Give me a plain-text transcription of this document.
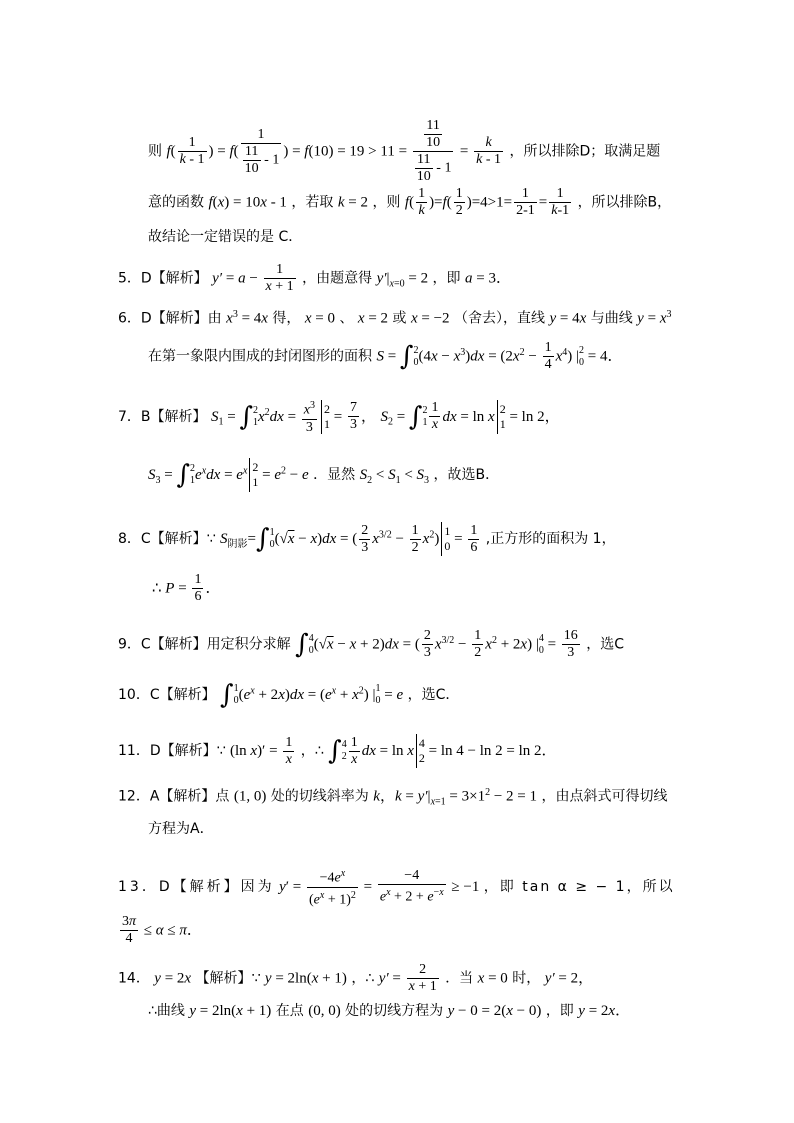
则 $f( \frac{1}{k - 1}$ ) = $f( \frac{1}{\frac{11}{10} - 1}$ ) = $f(10) = 19 > 11 = \frac{\frac{11}{10}}{\frac{11}{10} - 1} = \frac{k}{k - 1}$ ，所以排除D；取满足题
意的函数 f(x) = 10x - 1 ，若取 k = 2 ，则 $f( \frac{1}{k} )=f( \frac{1}{2} )=4>1= \frac{1}{2-1} = \frac{1}{k-1}$ ，所以排除B，
故结论一定错误的是 C．
5．D【解析】 $y' = a - \frac{1}{x + 1}$ ，由题意得 $y'|_{x=0} = 2$ ，即 a = 3．
6．D【解析】由 $x^3 = 4x$ 得， x = 0 、 x = 2 或 x = −2 （舍去），直线 y = 4x 与曲线 $y = x^3$
在第一象限内围成的封闭图形的面积 S = ∫ 2
0 $(4x - x^3)dx = (2x^2 - \frac{1}{4} x^4)$ | 2
0 = 4．
7．B【解析】 $S_1$ = ∫ 2
1 $x^2dx = \frac{x^3}{3} 2$
$1 = \frac{7}{3}$ ， $S_2$ = ∫ 2
$1 \frac{1}{x}$ dx = ln x 2
1 = ln 2，
$S_3$ = ∫ 2
1 $e^xdx = e^x$ 2
$1 = e^2 - e$ ．显然 $S_2 < S_1 < S_3$ ，故选B．
8．C【解析】∵ $S_{阴影}=\int$ 1
0 (√x − x)dx = ( $\frac{2}{3} x^{3/2} - \frac{1}{2} x^2$) 1
$0 = \frac{1}{6}$ ,正方形的面积为 1，
∴ $P = \frac{1}{6}$ ．
9．C【解析】用定积分求解 ∫ 4
0 (√x − x + 2)dx = ( $\frac{2}{3} x^{3/2} - \frac{1}{2} x^2 + 2x$) | 4
$0 = \frac{16}{3}$ ，选C
10．C【解析】 ∫ 1
0 $(e^x + 2x)dx = (e^x + x^2)$ | 1
0 = e ，选C．
11．D【解析】∵ (ln $x)' = \frac{1}{x}$ ，∴ ∫ 4
$2 \frac{1}{x}$ dx = ln x 4
2 = ln 4 − ln 2 = ln 2．
12．A【解析】点 (1, 0) 处的切线斜率为 k，$k = y'|_{x=1} = 3\times 1^2 - 2 = 1$ ，由点斜式可得切线
方程为A．
13．D【解析】因为 $y' = \frac{-4e^x}{(e^x + 1)^2} = \frac{-4}{e^x + 2 + e^{-x}} \ge -1$ ，即 tan α ≥ − 1，所以
$\frac{3\pi}{4} \le \alpha \le \pi$．
14． y = 2x 【解析】∵ y = 2ln(x + 1) ，∴ $y' = \frac{2}{x + 1}$ ．当 x = 0 时， y′ = 2，
∴曲线 y = 2ln(x + 1) 在点 (0, 0) 处的切线方程为 y − 0 = 2(x − 0) ，即 y = 2x．
